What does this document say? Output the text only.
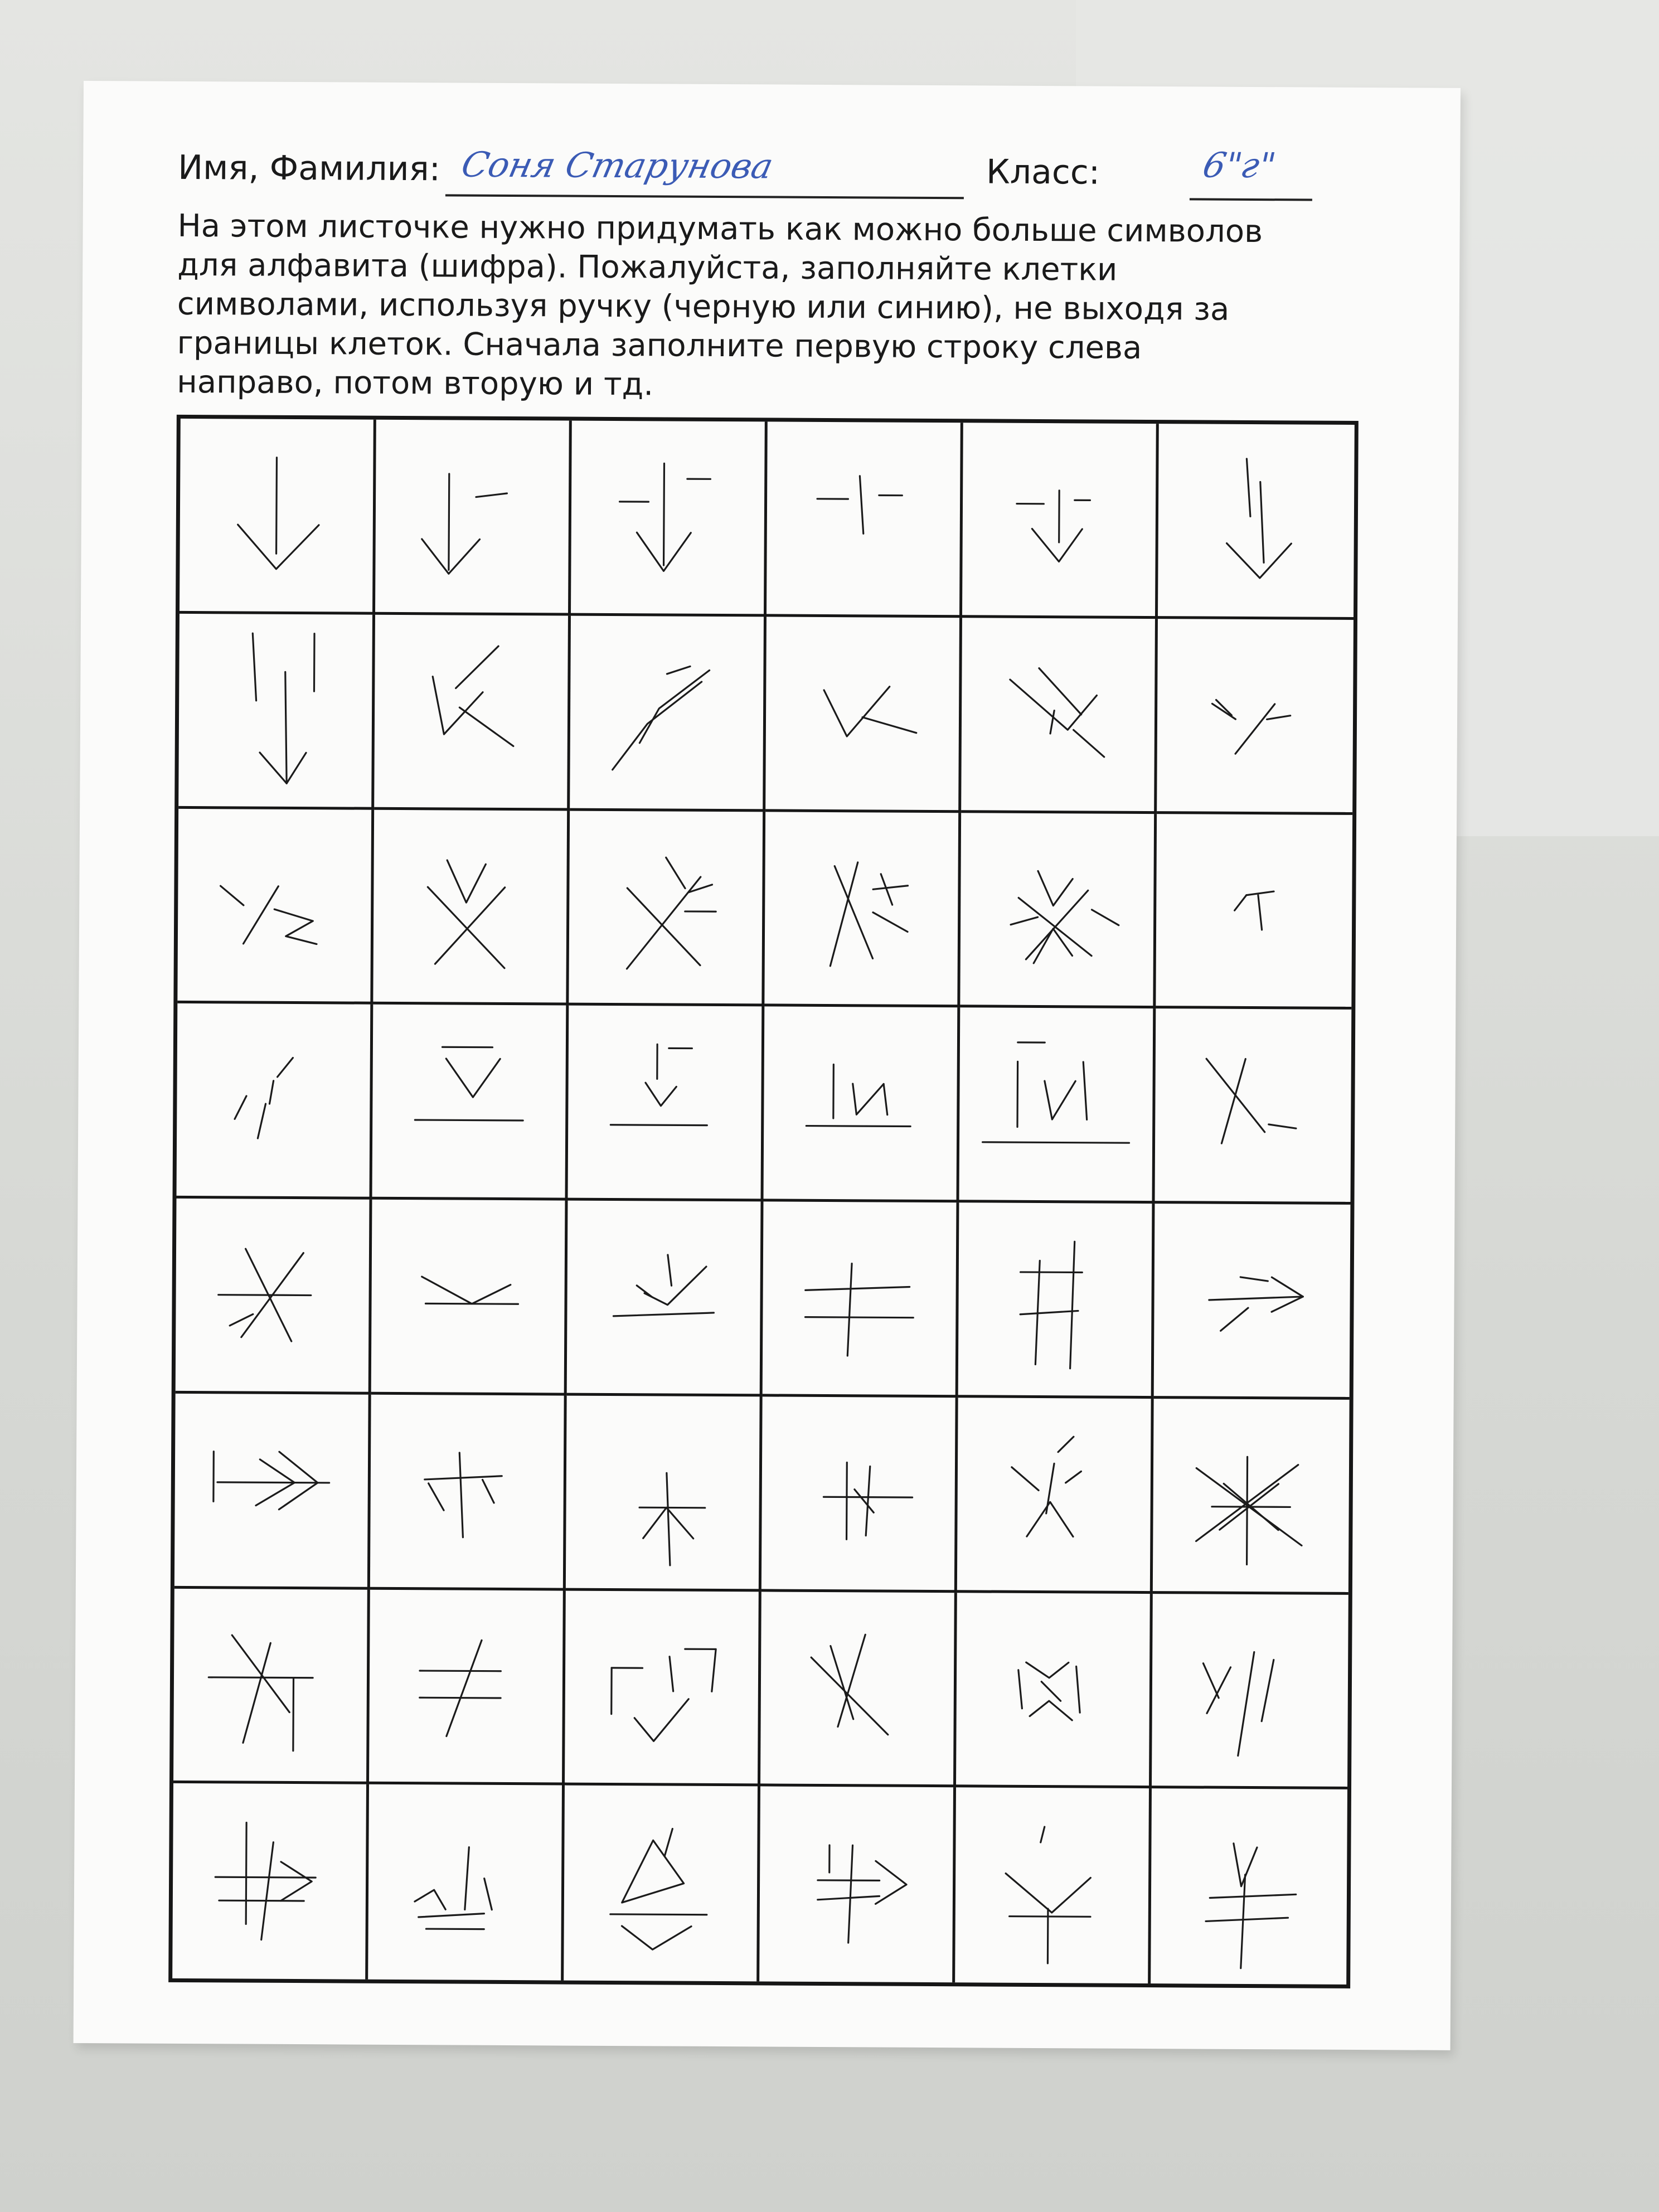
Имя, Фамилия: Соня Старунова	Класс:	6"г"
На этом листочке нужно придумать как можно больше символов
для алфавита (шифра). Пожалуйста, заполняйте клетки
символами, используя ручку (черную или синию), не выходя за
границы клеток. Сначала заполните первую строку слева
направо, потом вторую и тд.
